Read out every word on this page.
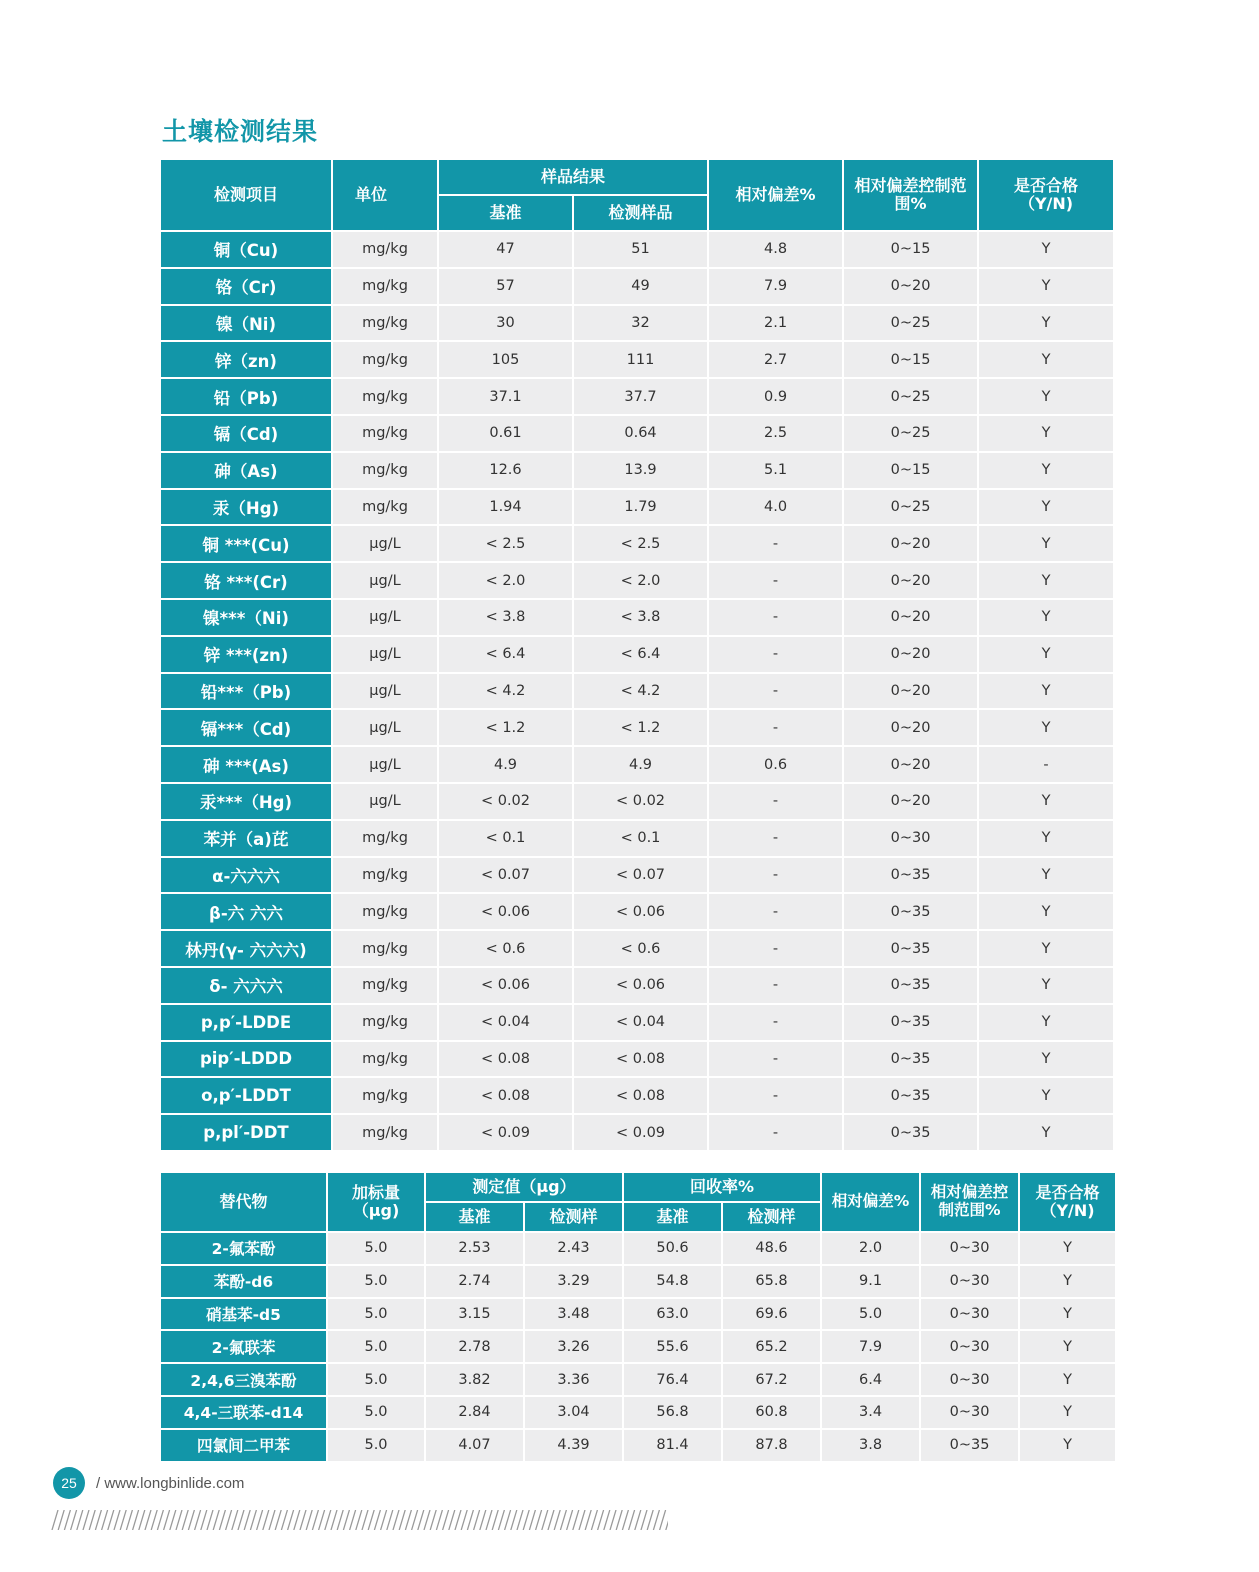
土壤检测结果
检测项目	单位	样品结果		相对偏差%	相对偏差控制范围%	是否合格（Y/N)
		基准	检测样品			
铜（Cu)	mg/kg	47	51	4.8	0~15	Y
铬（Cr)	mg/kg	57	49	7.9	0~20	Y
镍（Ni)	mg/kg	30	32	2.1	0~25	Y
锌（zn)	mg/kg	105	111	2.7	0~15	Y
铅（Pb)	mg/kg	37.1	37.7	0.9	0~25	Y
镉（Cd)	mg/kg	0.61	0.64	2.5	0~25	Y
砷（As)	mg/kg	12.6	13.9	5.1	0~15	Y
汞（Hg)	mg/kg	1.94	1.79	4.0	0~25	Y
铜 ***(Cu)	μg/L	< 2.5	< 2.5	-	0~20	Y
铬 ***(Cr)	μg/L	< 2.0	< 2.0	-	0~20	Y
镍***（Ni)	μg/L	< 3.8	< 3.8	-	0~20	Y
锌 ***(zn)	μg/L	< 6.4	< 6.4	-	0~20	Y
铅***（Pb)	μg/L	< 4.2	< 4.2	-	0~20	Y
镉***（Cd)	μg/L	< 1.2	< 1.2	-	0~20	Y
砷 ***(As)	μg/L	4.9	4.9	0.6	0~20	-
汞***（Hg)	μg/L	< 0.02	< 0.02	-	0~20	Y
苯并（a)芘	mg/kg	< 0.1	< 0.1	-	0~30	Y
α-六六六	mg/kg	< 0.07	< 0.07	-	0~35	Y
β-六 六六	mg/kg	< 0.06	< 0.06	-	0~35	Y
林丹(γ- 六六六)	mg/kg	< 0.6	< 0.6	-	0~35	Y
δ- 六六六	mg/kg	< 0.06	< 0.06	-	0~35	Y
p,p′-LDDE	mg/kg	< 0.04	< 0.04	-	0~35	Y
pip′-LDDD	mg/kg	< 0.08	< 0.08	-	0~35	Y
o,p′-LDDT	mg/kg	< 0.08	< 0.08	-	0~35	Y
p,pl′-DDT	mg/kg	< 0.09	< 0.09	-	0~35	Y
替代物	加标量（μg)	测定值（μg）		回收率%		相对偏差%	相对偏差控制范围%	是否合格（Y/N)
		基准	检测样	基准	检测样			
2-氟苯酚	5.0	2.53	2.43	50.6	48.6	2.0	0~30	Y
苯酚-d6	5.0	2.74	3.29	54.8	65.8	9.1	0~30	Y
硝基苯-d5	5.0	3.15	3.48	63.0	69.6	5.0	0~30	Y
2-氟联苯	5.0	2.78	3.26	55.6	65.2	7.9	0~30	Y
2,4,6三溴苯酚	5.0	3.82	3.36	76.4	67.2	6.4	0~30	Y
4,4-三联苯-d14	5.0	2.84	3.04	56.8	60.8	3.4	0~30	Y
四氯间二甲苯	5.0	4.07	4.39	81.4	87.8	3.8	0~35	Y
25	/ www.longbinlide.com
